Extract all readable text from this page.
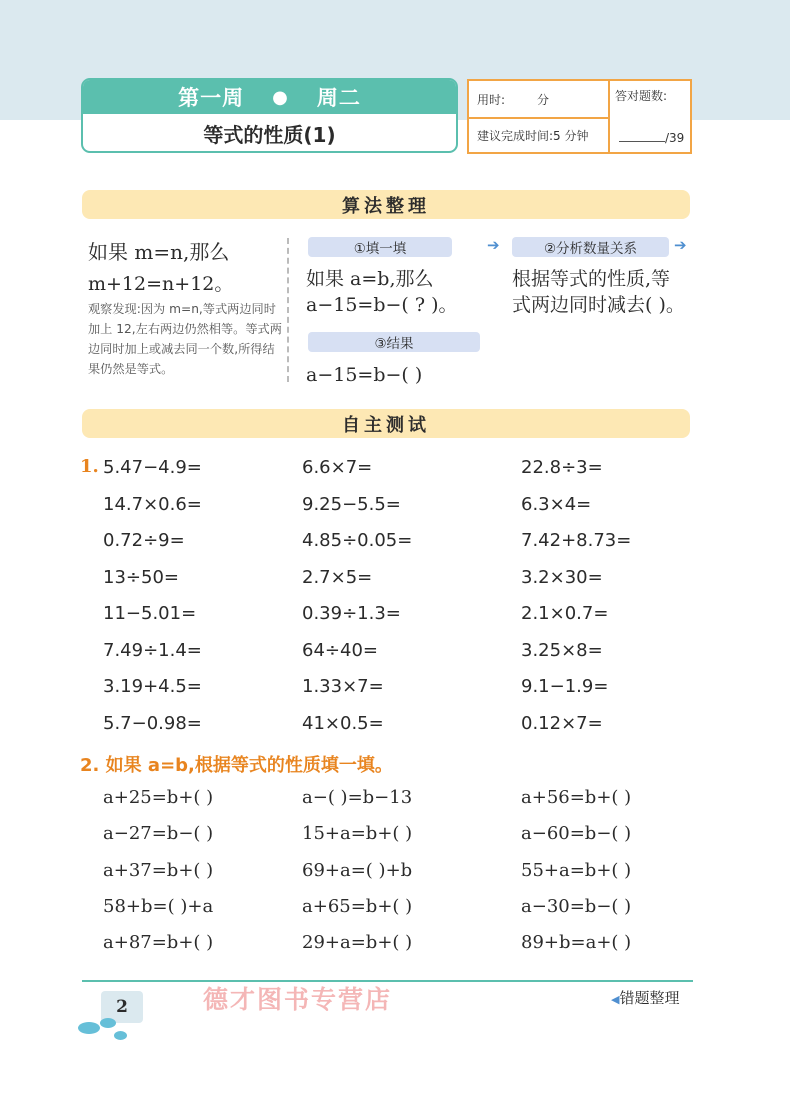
第一周 ● 周二
等式的性质(1)
用时:	分	答对题数:
建议完成时间:5 分钟	/39
算法整理
如果 m=n,那么
m+12=n+12。
观察发现:因为 m=n,等式两边同时加上 12,左右两边仍然相等。等式两边同时加上或减去同一个数,所得结果仍然是等式。
①填一填	➔	②分析数量关系	➔
如果 a=b,那么
a−15=b−( ? )。
根据等式的性质,等式两边同时减去( )。
③结果
a−15=b−( )
自主测试
1. 5.47−4.9=	6.6×7=	22.8÷3=
14.7×0.6=	9.25−5.5=	6.3×4=
0.72÷9=	4.85÷0.05=	7.42+8.73=
13÷50=	2.7×5=	3.2×30=
11−5.01=	0.39÷1.3=	2.1×0.7=
7.49÷1.4=	64÷40=	3.25×8=
3.19+4.5=	1.33×7=	9.1−1.9=
5.7−0.98=	41×0.5=	0.12×7=
2. 如果 a=b,根据等式的性质填一填。
a+25=b+( )	a−( )=b−13	a+56=b+( )
a−27=b−( )	15+a=b+( )	a−60=b−( )
a+37=b+( )	69+a=( )+b	55+a=b+( )
58+b=( )+a	a+65=b+( )	a−30=b−( )
a+87=b+( )	29+a=b+( )	89+b=a+( )
2	德才图书专营店	◀错题整理
